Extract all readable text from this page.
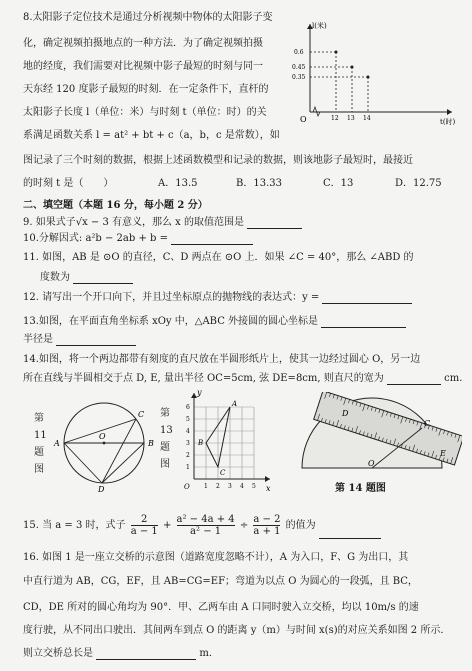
8.太阳影子定位技术是通过分析视频中物体的太阳影子变
化，确定视频拍摄地点的一种方法．为了确定视频拍摄
地的经度，我们需要对比视频中影子最短的时刻与同一
天东经 120 度影子最短的时刻．在一定条件下，直杆的
太阳影子长度 l（单位：米）与时刻 t（单位：时）的关
系满足函数关系 l = at² + bt + c（a，b，c 是常数），如
图记录了三个时刻的数据，根据上述函数模型和记录的数据，则该地影子最短时，最接近
的时刻 t 是（　　）	A．13.5	B．13.33	C．13	D．12.75
l(米)
t(时)
O
0.6
0.45
0.35
12 13 14
二、填空题（本题 16 分，每小题 2 分）
9. 如果式子√x − 3 有意义，那么 x 的取值范围是
10.分解因式: a²b − 2ab + b =
11. 如图，AB 是 ⊙O 的直径，C、D 两点在 ⊙O 上．如果 ∠C = 40°，那么 ∠ABD 的
度数为
12. 请写出一个开口向下，并且过坐标原点的抛物线的表达式：y =
13.如图，在平面直角坐标系 xOy 中，△ABC 外接圆的圆心坐标是
半径是
14.如图，将一个两边都带有刻度的直尺放在半圆形纸片上，使其一边经过圆心 O，另一边
所在直线与半圆相交于点 D, E, 量出半径 OC=5cm, 弦 DE=8cm, 则直尺的宽为	cm.
第
11
题
图
A	B
C
D
O
第
13
题
图
y
x
O
1
2
3
4
5
6
1 2 3 4 5
A
B
C
O
C
D
E
第 14 题图
15. 当 a = 3 时，式子 $\frac{2}{a - 1} + \frac{\text{a² − 4a + 4}}{\text{a² − 1}} \div \frac{a - 2}{a + 1}$ 的值为
16. 如图 1 是一座立交桥的示意图（道路宽度忽略不计），A 为入口，F、G 为出口，其
中直行道为 AB，CG，EF，且 AB=CG=EF；弯道为以点 O 为圆心的一段弧，且 BC，
CD，DE 所对的圆心角均为 90°．甲、乙两车由 A 口同时驶入立交桥，均以 10m/s 的速
度行驶，从不同出口驶出．其间两车到点 O 的距离 y（m）与时间 x(s)的对应关系如图 2 所示．
则立交桥总长是	m．
